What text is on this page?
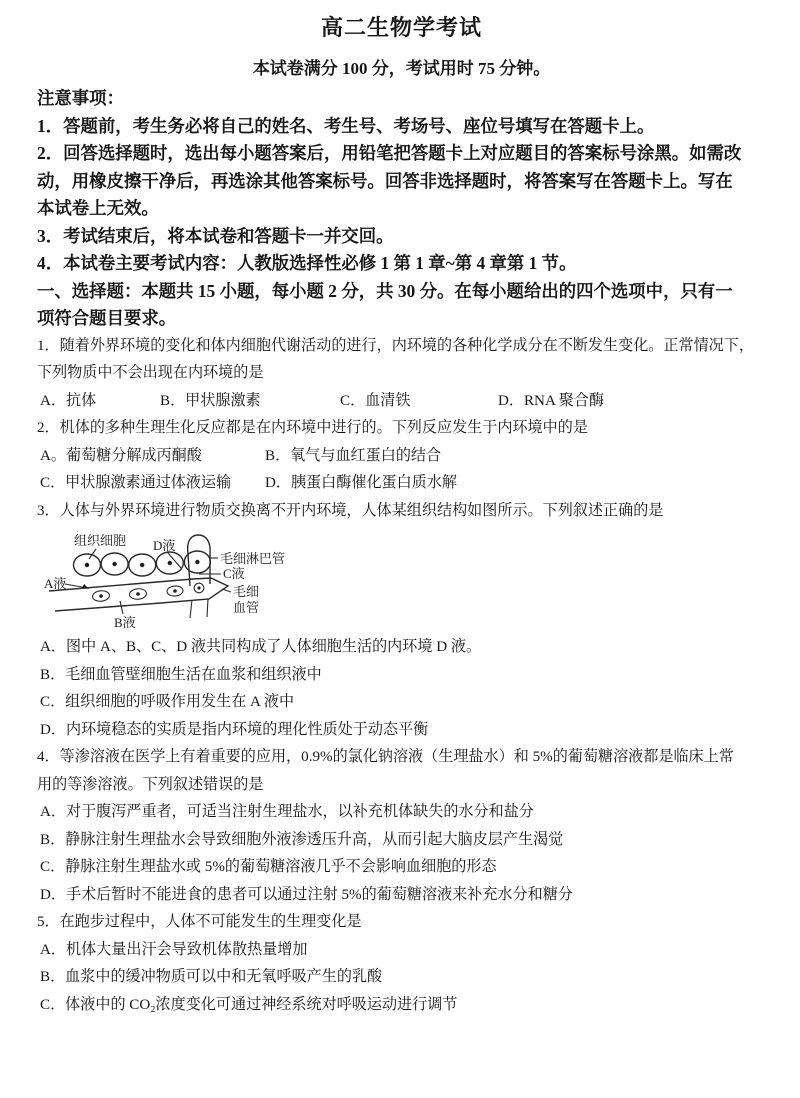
高二生物学考试
本试卷满分 100 分，考试用时 75 分钟。
注意事项：
1．答题前，考生务必将自己的姓名、考生号、考场号、座位号填写在答题卡上。
2．回答选择题时，选出每小题答案后，用铅笔把答题卡上对应题目的答案标号涂黑。如需改
动，用橡皮擦干净后，再选涂其他答案标号。回答非选择题时，将答案写在答题卡上。写在
本试卷上无效。
3．考试结束后，将本试卷和答题卡一并交回。
4．本试卷主要考试内容：人教版选择性必修 1 第 1 章~第 4 章第 1 节。
一、选择题：本题共 15 小题，每小题 2 分，共 30 分。在每小题给出的四个选项中，只有一
项符合题目要求。
1．随着外界环境的变化和体内细胞代谢活动的进行，内环境的各种化学成分在不断发生变化。正常情况下，
下列物质中不会出现在内环境的是
A．抗体	B．甲状腺激素	C．血清铁	D．RNA 聚合酶
2．机体的多种生理生化反应都是在内环境中进行的。下列反应发生于内环境中的是
A。葡萄糖分解成丙酮酸	B．氧气与血红蛋白的结合
C．甲状腺激素通过体液运输	D．胰蛋白酶催化蛋白质水解
3．人体与外界环境进行物质交换离不开内环境，人体某组织结构如图所示。下列叙述正确的是
组织细胞 D液
毛细淋巴管
C液
毛细
血管
A液
B液
A．图中 A、B、C、D 液共同构成了人体细胞生活的内环境 D 液。
B．毛细血管壁细胞生活在血浆和组织液中
C．组织细胞的呼吸作用发生在 A 液中
D．内环境稳态的实质是指内环境的理化性质处于动态平衡
4．等渗溶液在医学上有着重要的应用，0.9%的氯化钠溶液（生理盐水）和 5%的葡萄糖溶液都是临床上常
用的等渗溶液。下列叙述错误的是
A．对于腹泻严重者，可适当注射生理盐水，以补充机体缺失的水分和盐分
B．静脉注射生理盐水会导致细胞外液渗透压升高，从而引起大脑皮层产生渴觉
C．静脉注射生理盐水或 5%的葡萄糖溶液几乎不会影响血细胞的形态
D．手术后暂时不能进食的患者可以通过注射 5%的葡萄糖溶液来补充水分和糖分
5．在跑步过程中，人体不可能发生的生理变化是
A．机体大量出汗会导致机体散热量增加
B．血浆中的缓冲物质可以中和无氧呼吸产生的乳酸
C．体液中的 CO₂浓度变化可通过神经系统对呼吸运动进行调节
